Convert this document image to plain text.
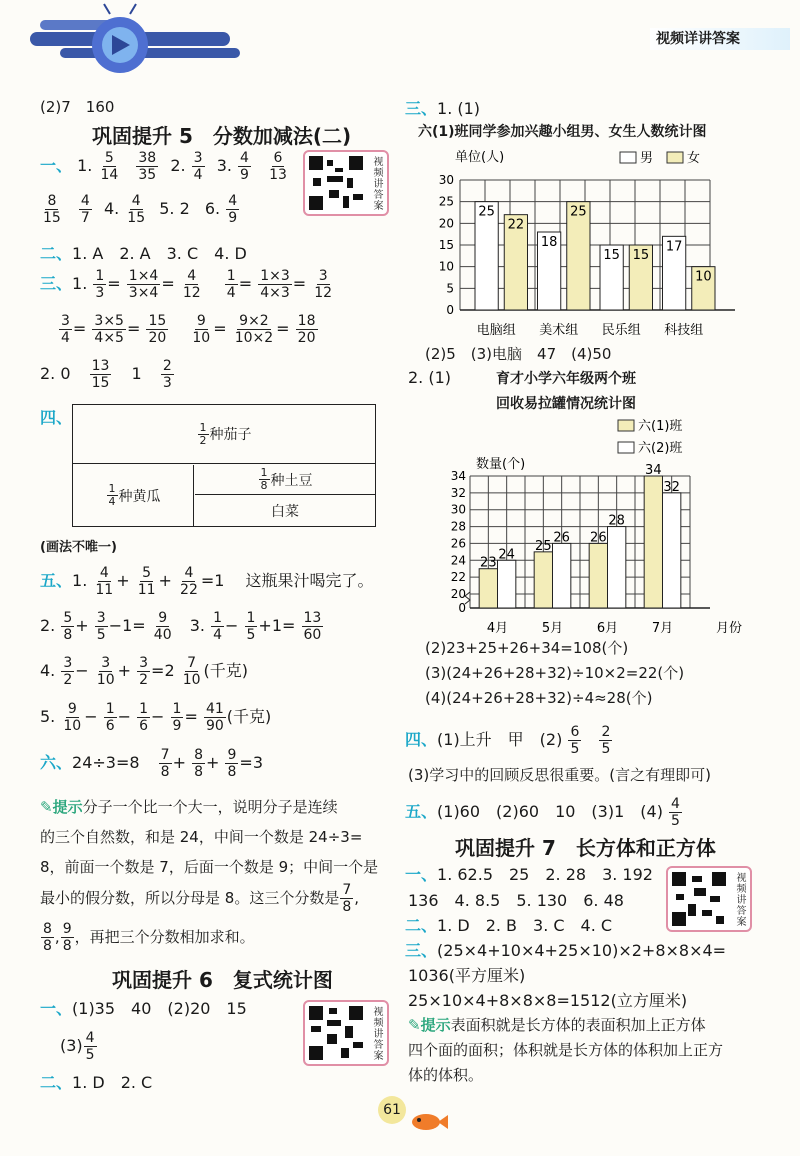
视频详讲答案
(2)7　160
巩固提升 5　分数加减法(二)
视频讲答案
一、 1. $\frac{5}{14}$
$\frac{38}{35} 2$. $\frac{3}{4} 3$. $\frac{4}{9}$
$\frac{6}{13}$
$\frac{8}{15}$
$\frac{4}{7} 4$. $\frac{4}{15} 5$. 2 6. $\frac{4}{9}$
二、1. A　2. A　3. C　4. D
三、1. $\frac{1}{3} = \frac{1\times 4}{3\times 4} = \frac{4}{12}$
$\frac{1}{4} = \frac{1\times 3}{4\times 3} = \frac{3}{12}$
$\frac{3}{4} = \frac{3\times 5}{4\times 5} = \frac{15}{20}$
$\frac{9}{10} = \frac{9\times 2}{10\times 2} = \frac{18}{20}$
2. $0 \frac{13}{15} 1 \frac{2}{3}$
四、
$\frac{1}{2}$ 种茄子
$\frac{1}{4}$ 种黄瓜
$\frac{1}{8}$ 种土豆
白菜
(画法不唯一)
五、1. $\frac{4}{11} + \frac{5}{11} + \frac{4}{22} =1$ 这瓶果汁喝完了。
2. $\frac{5}{8} + \frac{3}{5} -1= \frac{9}{40} 3$. $\frac{1}{4} - \frac{1}{5} +1= \frac{13}{60}$
4. $\frac{3}{2} - \frac{3}{10} + \frac{3}{2} =2 \frac{7}{10}$ (千克)
5. $\frac{9}{10} - \frac{1}{6} - \frac{1}{6} - \frac{1}{9} = \frac{41}{90}$ (千克)
六、$24\div 3=8 \frac{7}{8} + \frac{8}{8} + \frac{9}{8} =3$
✎提示分子一个比一个大一，说明分子是连续
的三个自然数，和是 24，中间一个数是 24÷3=
8，前面一个数是 7，后面一个数是 9；中间一个是
最小的假分数，所以分母是 8。这三个分数是 $\frac{7}{8}$ ,
$\frac{8}{8}$ , $\frac{9}{8}$ ，再把三个分数相加求和。
巩固提升 6　复式统计图
一、(1)35　40　(2)20　15
$(3) \frac{4}{5}$
二、1. D　2. C
视频讲答案
三、1. (1)
六(1)班同学参加兴趣小组男、女生人数统计图
单位(人)	男	女
0
5
10
15
20
25
30
25
22
电脑组
18
25
美术组
15 15
民乐组
17
10
科技组
(2)5　(3)电脑　47　(4)50
2. (1)	育才小学六年级两个班
回收易拉罐情况统计图
六(1)班
六(2)班
数量(个)
0
20
22
24
26
28
30
32
34
月份
23
24
4月
25
26
5月
26
28
6月
34
32
7月
(2)23+25+26+34=108(个)
(3)(24+26+28+32)÷10×2=22(个)
(4)(24+26+28+32)÷4≈28(个)
四、(1)上升　甲　$(2) \frac{6}{5}$
$\frac{2}{5}$
(3)学习中的回顾反思很重要。(言之有理即可)
五、(1)60　(2)60　10　(3)1　$(4) \frac{4}{5}$
巩固提升 7　长方体和正方体
一、1. 62.5　25　2. 28　3. 192
136　4. 8.5　5. 130　6. 48
二、1. D　2. B　3. C　4. C
三、(25×4+10×4+25×10)×2+8×8×4=
1036(平方厘米)
25×10×4+8×8×8=1512(立方厘米)
✎提示表面积就是长方体的表面积加上正方体
四个面的面积；体积就是长方体的体积加上正方
体的体积。
视频讲答案
61
